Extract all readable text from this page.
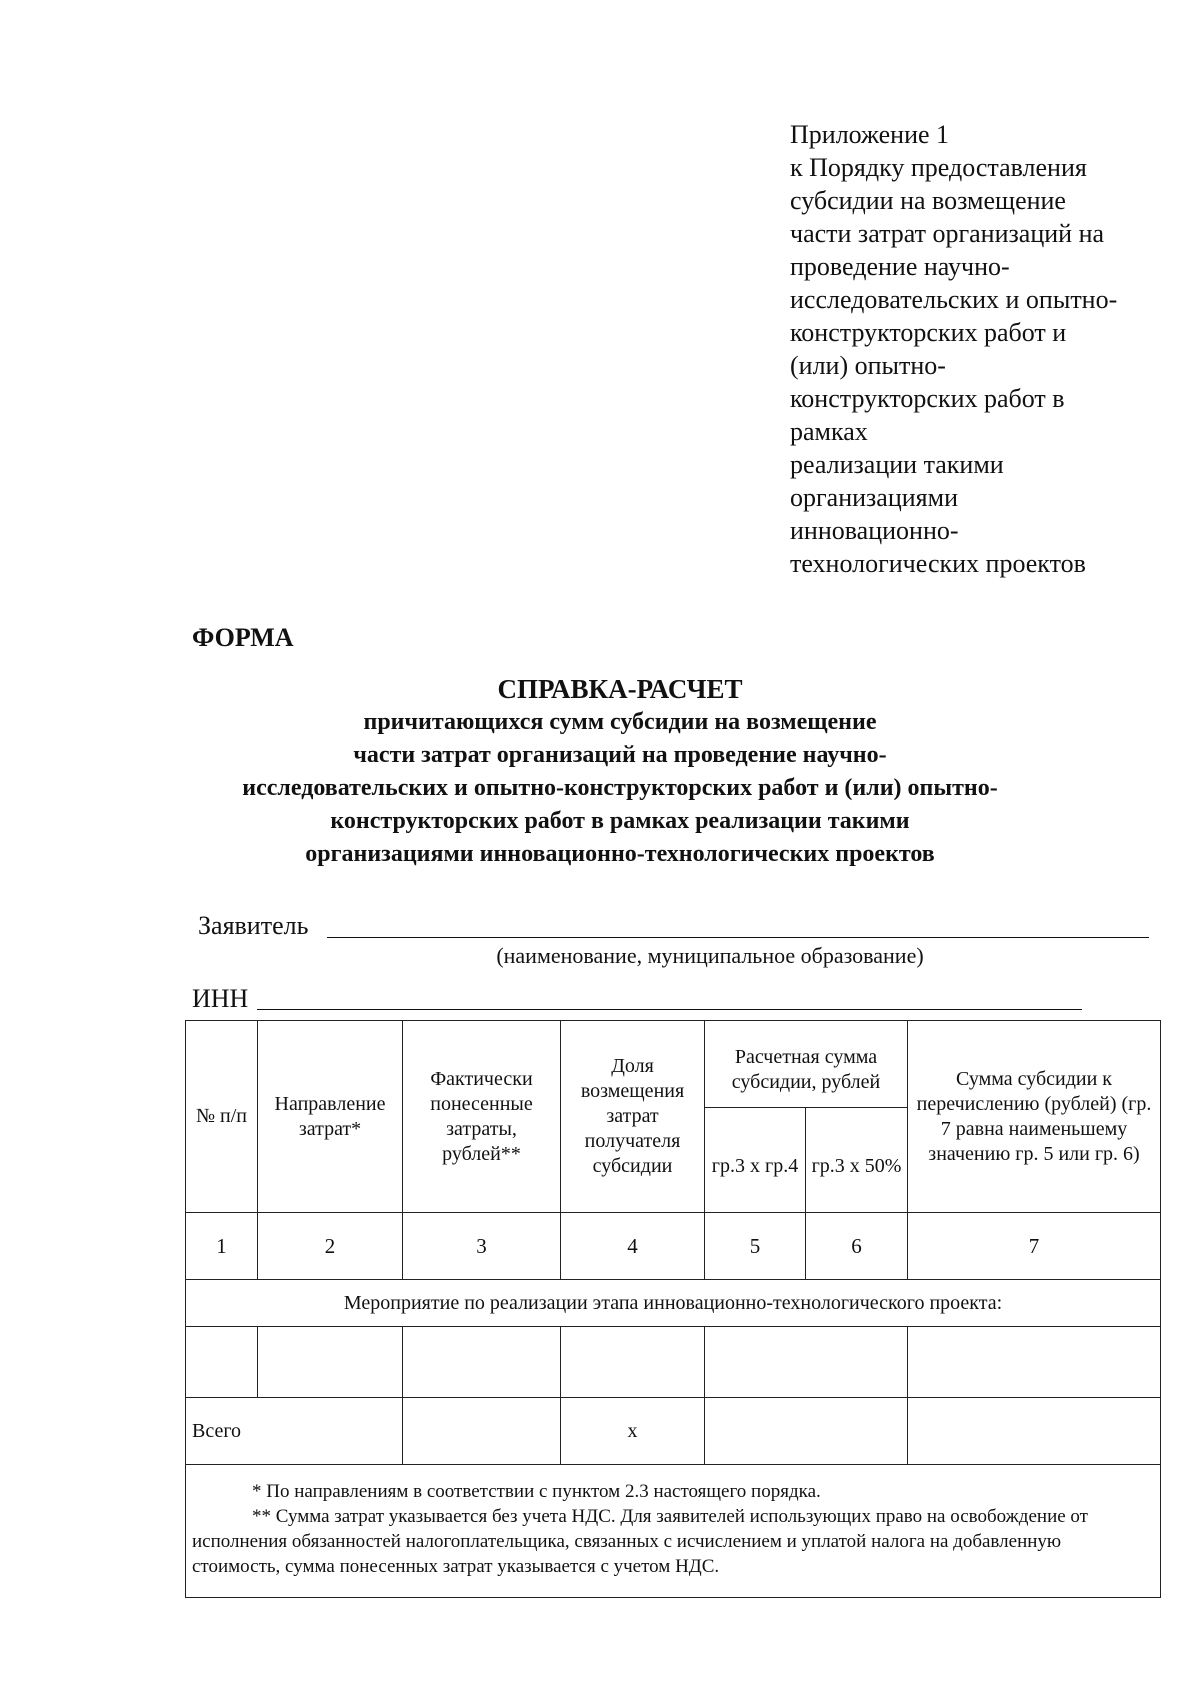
Приложение 1
к Порядку предоставления
субсидии на возмещение
части затрат организаций на
проведение научно-
исследовательских и опытно-
конструкторских работ и
(или) опытно-
конструкторских работ в
рамках
реализации такими
организациями
инновационно-
технологических проектов
ФОРМА
СПРАВКА-РАСЧЕТ
причитающихся сумм субсидии на возмещение
части затрат организаций на проведение научно-
исследовательских и опытно-конструкторских работ и (или) опытно-
конструкторских работ в рамках реализации такими
организациями инновационно-технологических проектов
Заявитель
(наименование, муниципальное образование)
ИНН
№ п/п	Направление затрат*	Фактически понесенные затраты, рублей**	Доля возмещения затрат получателя субсидии	Расчетная сумма субсидии, рублей		Сумма субсидии к перечислению (рублей) (гр. 7 равна наименьшему значению гр. 5 или гр. 6)
				гр.3 х гр.4	гр.3 х 50%	
1	2	3	4	5	6	7
Мероприятие по реализации этапа инновационно-технологического проекта:						

Всего			х			

* По направлениям в соответствии с пунктом 2.3 настоящего порядка.

** Сумма затрат указывается без учета НДС. Для заявителей использующих право на освобождение от исполнения обязанностей налогоплательщика, связанных с исчислением и уплатой налога на добавленную стоимость, сумма понесенных затрат указывается с учетом НДС.						
